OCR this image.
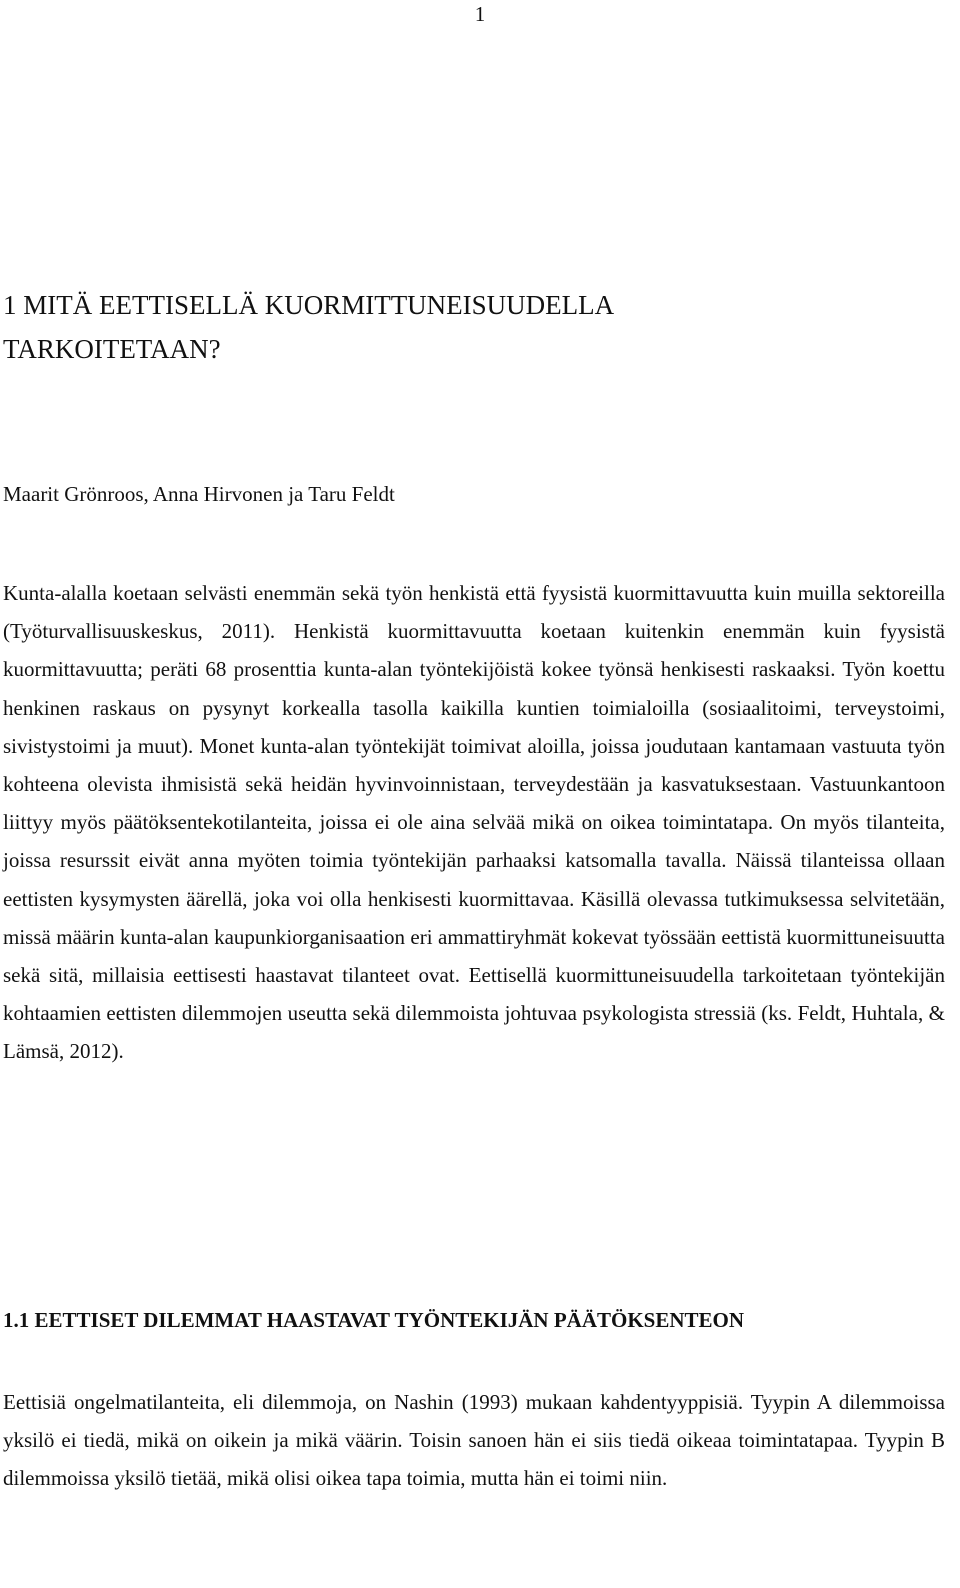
1
1 MITÄ EETTISELLÄ KUORMITTUNEISUUDELLA
TARKOITETAAN?

Maarit Grönroos, Anna Hirvonen ja Taru Feldt

Kunta-alalla koetaan selvästi enemmän sekä työn henkistä että fyysistä kuormittavuutta kuin muilla sektoreilla (Työturvallisuuskeskus, 2011). Henkistä kuormittavuutta koetaan kuitenkin enemmän kuin fyysistä kuormittavuutta; peräti 68 prosenttia kunta-alan työntekijöistä kokee työnsä henkisesti raskaaksi. Työn koettu henkinen raskaus on pysynyt korkealla tasolla kaikilla kuntien toimialoilla (sosiaalitoimi, terveystoimi, sivistystoimi ja muut). Monet kunta-alan työntekijät toimivat aloilla, joissa joudutaan kantamaan vastuuta työn kohteena olevista ihmisistä sekä heidän hyvinvoinnistaan, terveydestään ja kasvatuksestaan. Vastuunkantoon liittyy myös päätöksentekotilanteita, joissa ei ole aina selvää mikä on oikea toimintatapa. On myös tilanteita, joissa resurssit eivät anna myöten toimia työntekijän parhaaksi katsomalla tavalla. Näissä tilanteissa ollaan eettisten kysymysten äärellä, joka voi olla henkisesti kuormittavaa. Käsillä olevassa tutkimuksessa selvitetään, missä määrin kunta-alan kaupunkiorganisaation eri ammattiryhmät kokevat työssään eettistä kuormittuneisuutta sekä sitä, millaisia eettisesti haastavat tilanteet ovat. Eettisellä kuormittuneisuudella tarkoitetaan työntekijän kohtaamien eettisten dilemmojen useutta sekä dilemmoista johtuvaa psykologista stressiä (ks. Feldt, Huhtala, & Lämsä, 2012).

1.1 EETTISET DILEMMAT HAASTAVAT TYÖNTEKIJÄN PÄÄTÖKSENTEON

Eettisiä ongelmatilanteita, eli dilemmoja, on Nashin (1993) mukaan kahdentyyppisiä. Tyypin A dilemmoissa yksilö ei tiedä, mikä on oikein ja mikä väärin. Toisin sanoen hän ei siis tiedä oikeaa toimintatapaa. Tyypin B dilemmoissa yksilö tietää, mikä olisi oikea tapa toimia, mutta hän ei toimi niin.
